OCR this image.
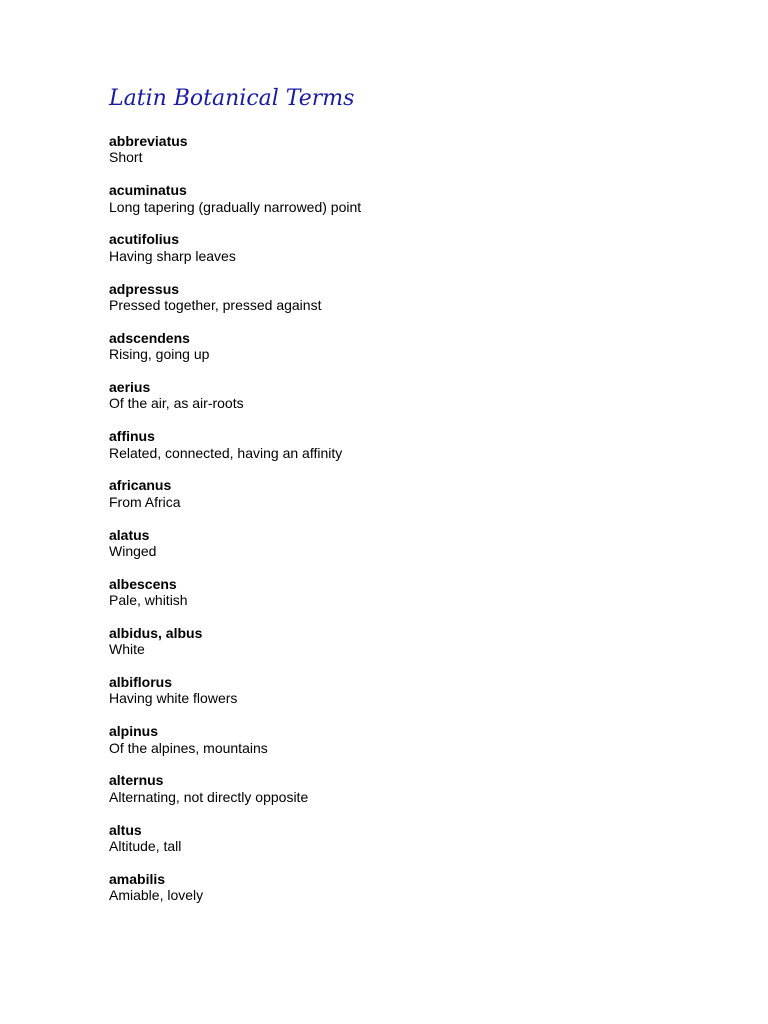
Latin Botanical Terms
abbreviatus
Short
acuminatus
Long tapering (gradually narrowed) point
acutifolius
Having sharp leaves
adpressus
Pressed together, pressed against
adscendens
Rising, going up
aerius
Of the air, as air-roots
affinus
Related, connected, having an affinity
africanus
From Africa
alatus
Winged
albescens
Pale, whitish
albidus, albus
White
albiflorus
Having white flowers
alpinus
Of the alpines, mountains
alternus
Alternating, not directly opposite
altus
Altitude, tall
amabilis
Amiable, lovely
